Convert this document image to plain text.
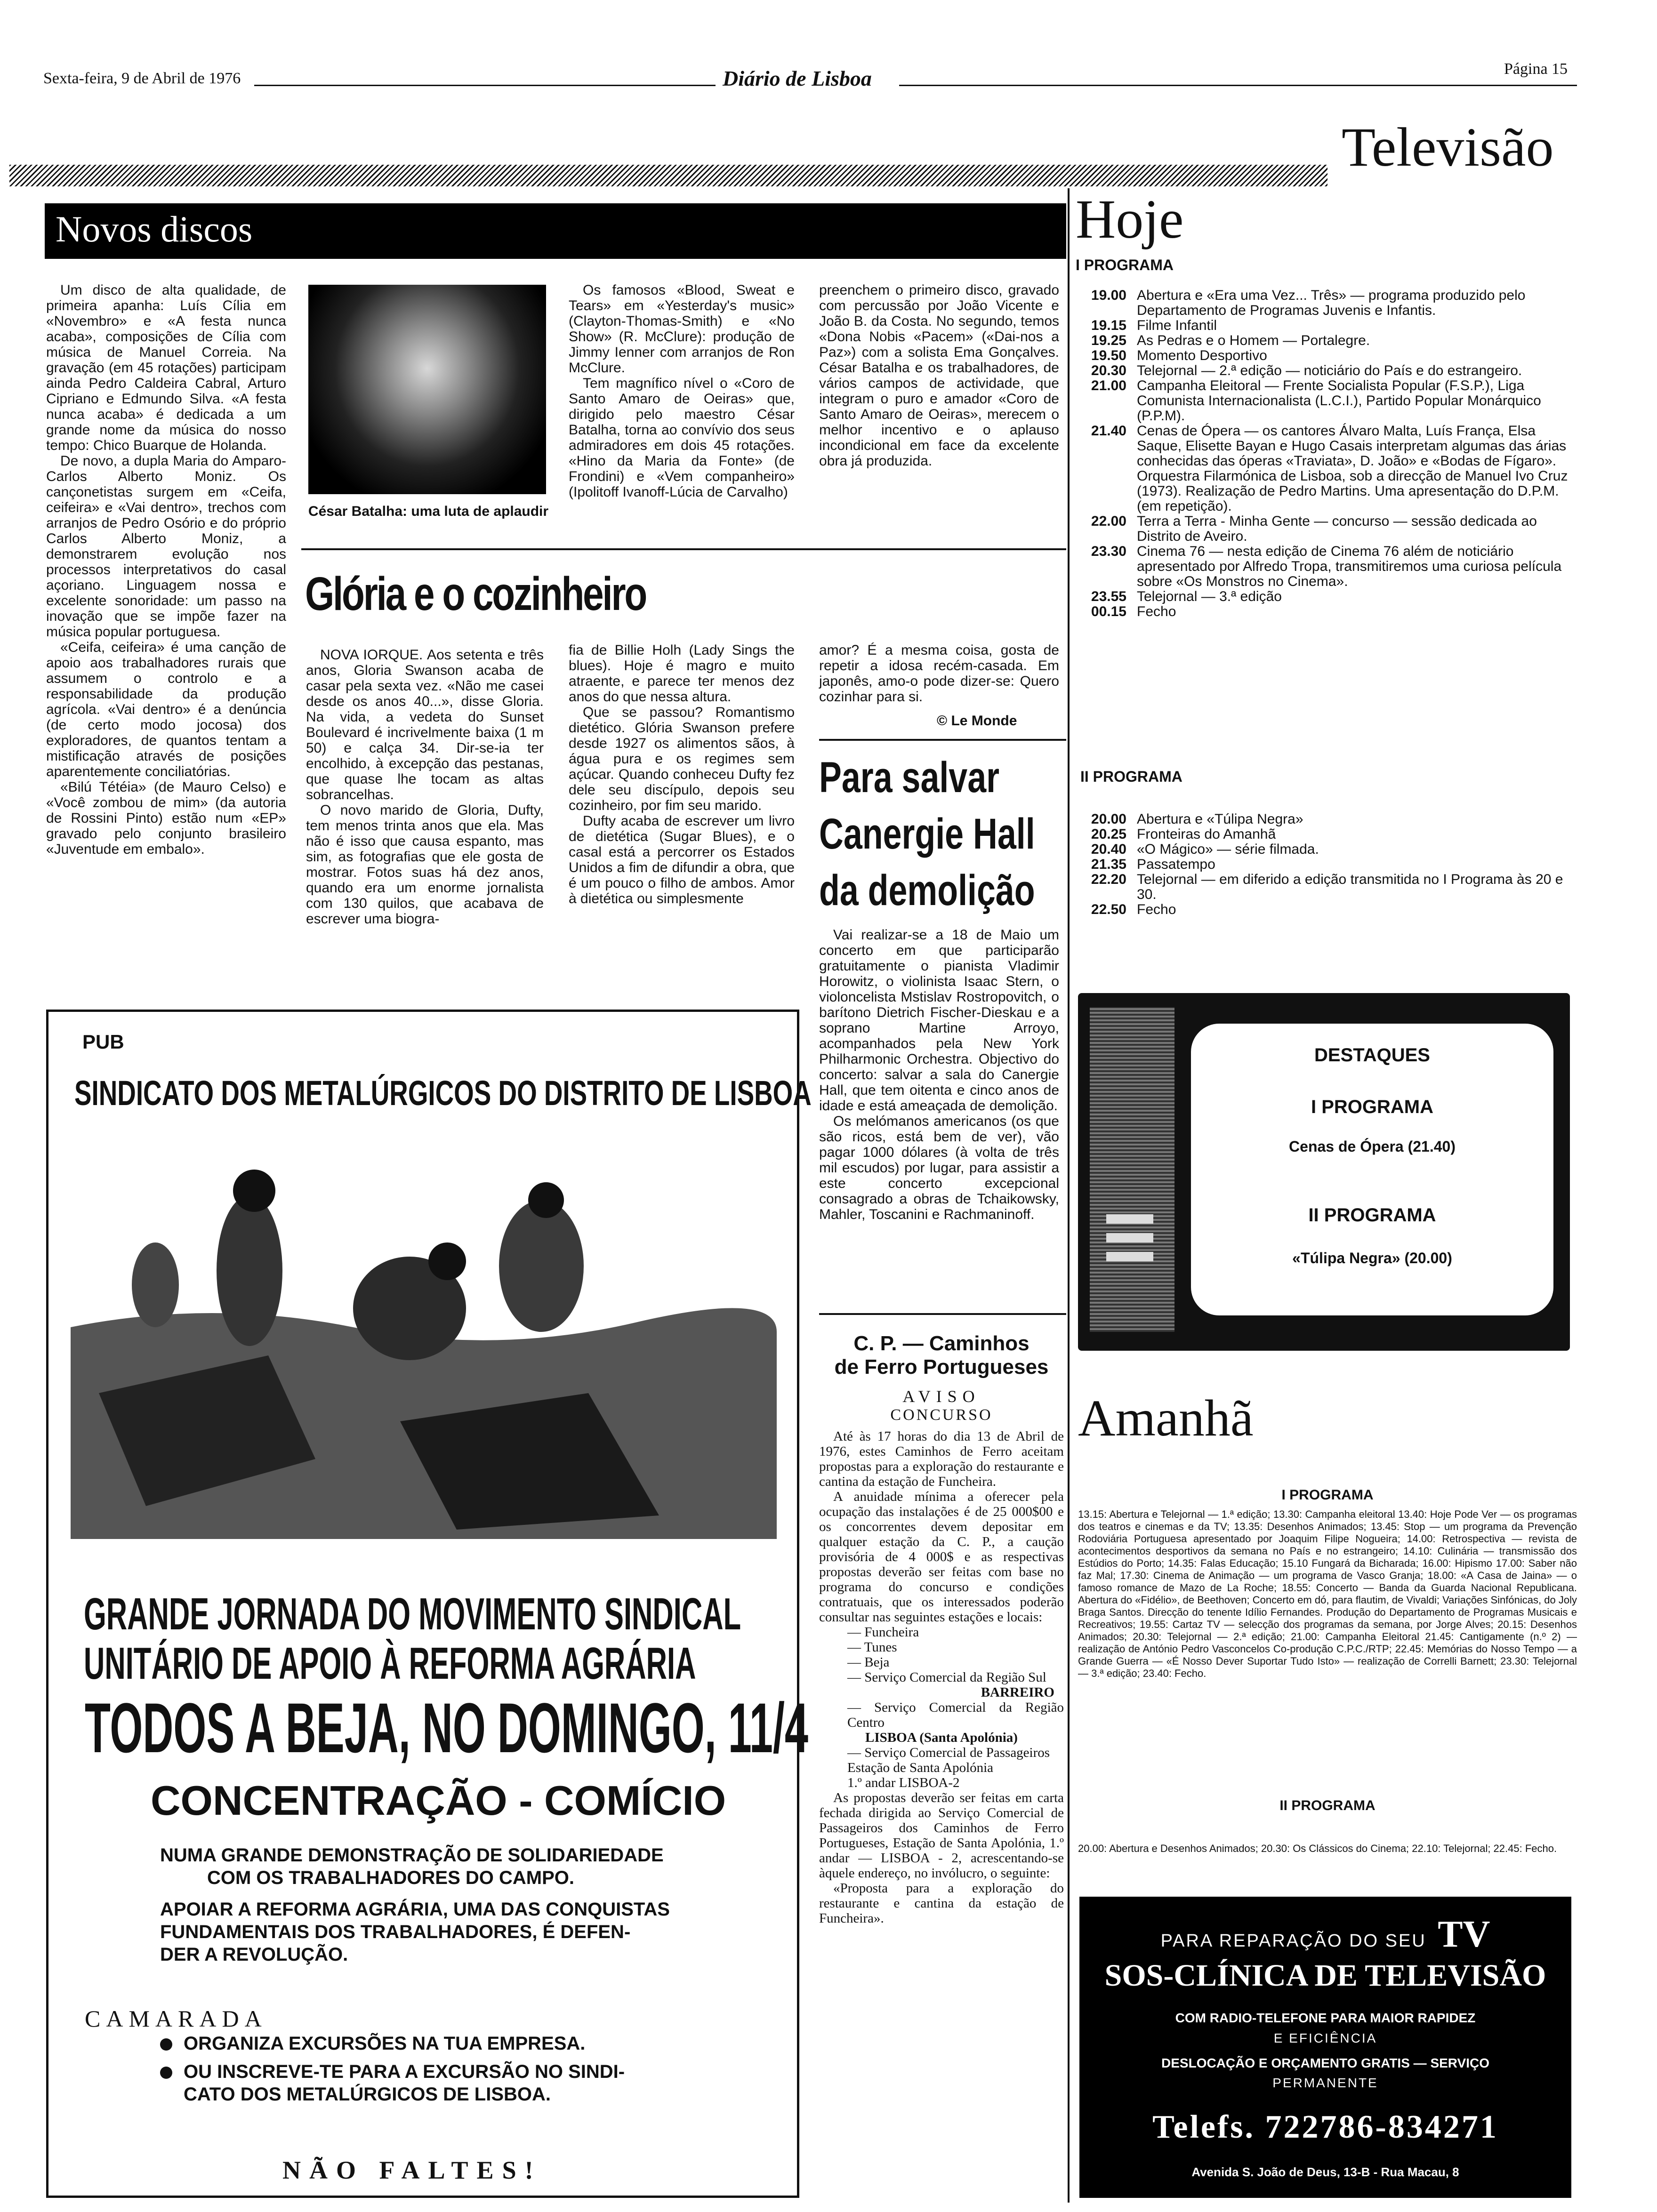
Sexta-feira, 9 de Abril de 1976	Diário de Lisboa	Página 15
Televisão
Novos discos

Um disco de alta qualidade, de primeira apanha: Luís Cília em «Novembro» e «A festa nunca acaba», composições de Cília com música de Manuel Correia. Na gravação (em 45 rotações) participam ainda Pedro Caldeira Cabral, Arturo Cipriano e Edmundo Silva. «A festa nunca acaba» é dedicada a um grande nome da música do nosso tempo: Chico Buarque de Holanda.

De novo, a dupla Maria do Amparo-Carlos Alberto Moniz. Os cançonetistas surgem em «Ceifa, ceifeira» e «Vai dentro», trechos com arranjos de Pedro Osório e do próprio Carlos Alberto Moniz, a demonstrarem evolução nos processos interpretativos do casal açoriano. Linguagem nossa e excelente sonoridade: um passo na inovação que se impõe fazer na música popular portuguesa.

«Ceifa, ceifeira» é uma canção de apoio aos trabalhadores rurais que assumem o controlo e a responsabilidade da produção agrícola. «Vai dentro» é a denúncia (de certo modo jocosa) dos exploradores, de quantos tentam a mistificação através de posições aparentemente conciliatórias.

«Bilú Tétéia» (de Mauro Celso) e «Você zombou de mim» (da autoria de Rossini Pinto) estão num «EP» gravado pelo conjunto brasileiro «Juventude em embalo».

César Batalha: uma luta de aplaudir

Os famosos «Blood, Sweat e Tears» em «Yesterday's music» (Clayton-Thomas-Smith) e «No Show» (R. McClure): produção de Jimmy Ienner com arranjos de Ron McClure.

Tem magnífico nível o «Coro de Santo Amaro de Oeiras» que, dirigido pelo maestro César Batalha, torna ao convívio dos seus admiradores em dois 45 rotações. «Hino da Maria da Fonte» (de Frondini) e «Vem companheiro» (Ipolitoff Ivanoff-Lúcia de Carvalho)

preenchem o primeiro disco, gravado com percussão por João Vicente e João B. da Costa. No segundo, temos «Dona Nobis «Pacem» («Dai-nos a Paz») com a solista Ema Gonçalves. César Batalha e os trabalhadores, de vários campos de actividade, que integram o puro e amador «Coro de Santo Amaro de Oeiras», merecem o melhor incentivo e o aplauso incondicional em face da excelente obra já produzida.

Glória e o cozinheiro

NOVA IORQUE. Aos setenta e três anos, Gloria Swanson acaba de casar pela sexta vez. «Não me casei desde os anos 40...», disse Gloria. Na vida, a vedeta do Sunset Boulevard é incrivelmente baixa (1 m 50) e calça 34. Dir-se-ia ter encolhido, à excepção das pestanas, que quase lhe tocam as altas sobrancelhas.

O novo marido de Gloria, Dufty, tem menos trinta anos que ela. Mas não é isso que causa espanto, mas sim, as fotografias que ele gosta de mostrar. Fotos suas há dez anos, quando era um enorme jornalista com 130 quilos, que acabava de escrever uma biogra-

fia de Billie Holh (Lady Sings the blues). Hoje é magro e muito atraente, e parece ter menos dez anos do que nessa altura.

Que se passou? Romantismo dietético. Glória Swanson prefere desde 1927 os alimentos sãos, à água pura e os regimes sem açúcar. Quando conheceu Dufty fez dele seu discípulo, depois seu cozinheiro, por fim seu marido.

Dufty acaba de escrever um livro de dietética (Sugar Blues), e o casal está a percorrer os Estados Unidos a fim de difundir a obra, que é um pouco o filho de ambos. Amor à dietética ou simplesmente

amor? É a mesma coisa, gosta de repetir a idosa recém-casada. Em japonês, amo-o pode dizer-se: Quero cozinhar para si.

© Le Monde
Para salvar
Canergie Hall
da demolição

Vai realizar-se a 18 de Maio um concerto em que participarão gratuitamente o pianista Vladimir Horowitz, o violinista Isaac Stern, o violoncelista Mstislav Rostropovitch, o barítono Dietrich Fischer-Dieskau e a soprano Martine Arroyo, acompanhados pela New York Philharmonic Orchestra. Objectivo do concerto: salvar a sala do Canergie Hall, que tem oitenta e cinco anos de idade e está ameaçada de demolição.

Os melómanos americanos (os que são ricos, está bem de ver), vão pagar 1000 dólares (à volta de três mil escudos) por lugar, para assistir a este concerto excepcional consagrado a obras de Tchaikowsky, Mahler, Toscanini e Rachmaninoff.

C. P. — Caminhos
de Ferro Portugueses
AVISO
CONCURSO

Até às 17 horas do dia 13 de Abril de 1976, estes Caminhos de Ferro aceitam propostas para a exploração do restaurante e cantina da estação de Funcheira.

A anuidade mínima a oferecer pela ocupação das instalações é de 25 000$00 e os concorrentes devem depositar em qualquer estação da C. P., a caução provisória de 4 000$ e as respectivas propostas deverão ser feitas com base no programa do concurso e condições contratuais, que os interessados poderão consultar nas seguintes estações e locais:

— Funcheira
— Tunes
— Beja
— Serviço Comercial da Região Sul
BARREIRO
— Serviço Comercial da Região Centro
LISBOA (Santa Apolónia)
— Serviço Comercial de Passageiros
Estação de Santa Apolónia
1.º andar LISBOA-2

As propostas deverão ser feitas em carta fechada dirigida ao Serviço Comercial de Passageiros dos Caminhos de Ferro Portugueses, Estação de Santa Apolónia, 1.º andar — LISBOA - 2, acrescentando-se àquele endereço, no invólucro, o seguinte:

«Proposta para a exploração do restaurante e cantina da estação de Funcheira».

PUB
SINDICATO DOS METALÚRGICOS DO DISTRITO DE LISBOA
GRANDE JORNADA DO MOVIMENTO SINDICAL
UNITÁRIO DE APOIO À REFORMA AGRÁRIA
TODOS A BEJA, NO DOMINGO, 11/4
CONCENTRAÇÃO - COMÍCIO
NUMA GRANDE DEMONSTRAÇÃO DE SOLIDARIEDADE
COM OS TRABALHADORES DO CAMPO.
APOIAR A REFORMA AGRÁRIA, UMA DAS CONQUISTAS
FUNDAMENTAIS DOS TRABALHADORES, É DEFEN-
DER A REVOLUÇÃO.
CAMARADA
ORGANIZA EXCURSÕES NA TUA EMPRESA.
OU INSCREVE-TE PARA A EXCURSÃO NO SINDI-
CATO DOS METALÚRGICOS DE LISBOA.
NÃO FALTES!
Hoje
I PROGRAMA
19.00 Abertura e «Era uma Vez... Três» — programa produzido pelo Departamento de Programas Juvenis e Infantis.
19.15 Filme Infantil
19.25 As Pedras e o Homem — Portalegre.
19.50 Momento Desportivo
20.30 Telejornal — 2.ª edição — noticiário do País e do estrangeiro.
21.00 Campanha Eleitoral — Frente Socialista Popular (F.S.P.), Liga Comunista Internacionalista (L.C.I.), Partido Popular Monárquico (P.P.M).
21.40 Cenas de Ópera — os cantores Álvaro Malta, Luís França, Elsa Saque, Elisette Bayan e Hugo Casais interpretam algumas das árias conhecidas das óperas «Traviata», D. João» e «Bodas de Fígaro». Orquestra Filarmónica de Lisboa, sob a direcção de Manuel Ivo Cruz (1973). Realização de Pedro Martins. Uma apresentação do D.P.M. (em repetição).
22.00 Terra a Terra - Minha Gente — concurso — sessão dedicada ao Distrito de Aveiro.
23.30 Cinema 76 — nesta edição de Cinema 76 além de noticiário apresentado por Alfredo Tropa, transmitiremos uma curiosa película sobre «Os Monstros no Cinema».
23.55 Telejornal — 3.ª edição
00.15 Fecho
II PROGRAMA
20.00 Abertura e «Túlipa Negra»
20.25 Fronteiras do Amanhã
20.40 «O Mágico» — série filmada.
21.35 Passatempo
22.20 Telejornal — em diferido a edição transmitida no I Programa às 20 e 30.
22.50 Fecho
DESTAQUES
I PROGRAMA
Cenas de Ópera (21.40)
II PROGRAMA
«Túlipa Negra» (20.00)
Amanhã
I PROGRAMA
13.15: Abertura e Telejornal — 1.ª edição; 13.30: Campanha eleitoral 13.40: Hoje Pode Ver — os programas dos teatros e cinemas e da TV; 13.35: Desenhos Animados; 13.45: Stop — um programa da Prevenção Rodoviária Portuguesa apresentado por Joaquim Filipe Nogueira; 14.00: Retrospectiva — revista de acontecimentos desportivos da semana no País e no estrangeiro; 14.10: Culinária — transmissão dos Estúdios do Porto; 14.35: Falas Educação; 15.10 Fungará da Bicharada; 16.00: Hipismo 17.00: Saber não faz Mal; 17.30: Cinema de Animação — um programa de Vasco Granja; 18.00: «A Casa de Jaina» — o famoso romance de Mazo de La Roche; 18.55: Concerto — Banda da Guarda Nacional Republicana. Abertura do «Fidélio», de Beethoven; Concerto em dó, para flautim, de Vivaldi; Variações Sinfónicas, do Joly Braga Santos. Direcção do tenente Idílio Fernandes. Produção do Departamento de Programas Musicais e Recreativos; 19.55: Cartaz TV — selecção dos programas da semana, por Jorge Alves; 20.15: Desenhos Animados; 20.30: Telejornal — 2.ª edição; 21.00: Campanha Eleitoral 21.45: Cantigamente (n.º 2) — realização de António Pedro Vasconcelos Co-produção C.P.C./RTP; 22.45: Memórias do Nosso Tempo — a Grande Guerra — «É Nosso Dever Suportar Tudo Isto» — realização de Correlli Barnett; 23.30: Telejornal — 3.ª edição; 23.40: Fecho.
II PROGRAMA
20.00: Abertura e Desenhos Animados; 20.30: Os Clássicos do Cinema; 22.10: Telejornal; 22.45: Fecho.
PARA REPARAÇÃO DO SEU TV
SOS-CLÍNICA DE TELEVISÃO
COM RADIO-TELEFONE PARA MAIOR RAPIDEZ
E EFICIÊNCIA
DESLOCAÇÃO E ORÇAMENTO GRATIS — SERVIÇO
PERMANENTE
Telefs. 722786-834271
Avenida S. João de Deus, 13-B - Rua Macau, 8
